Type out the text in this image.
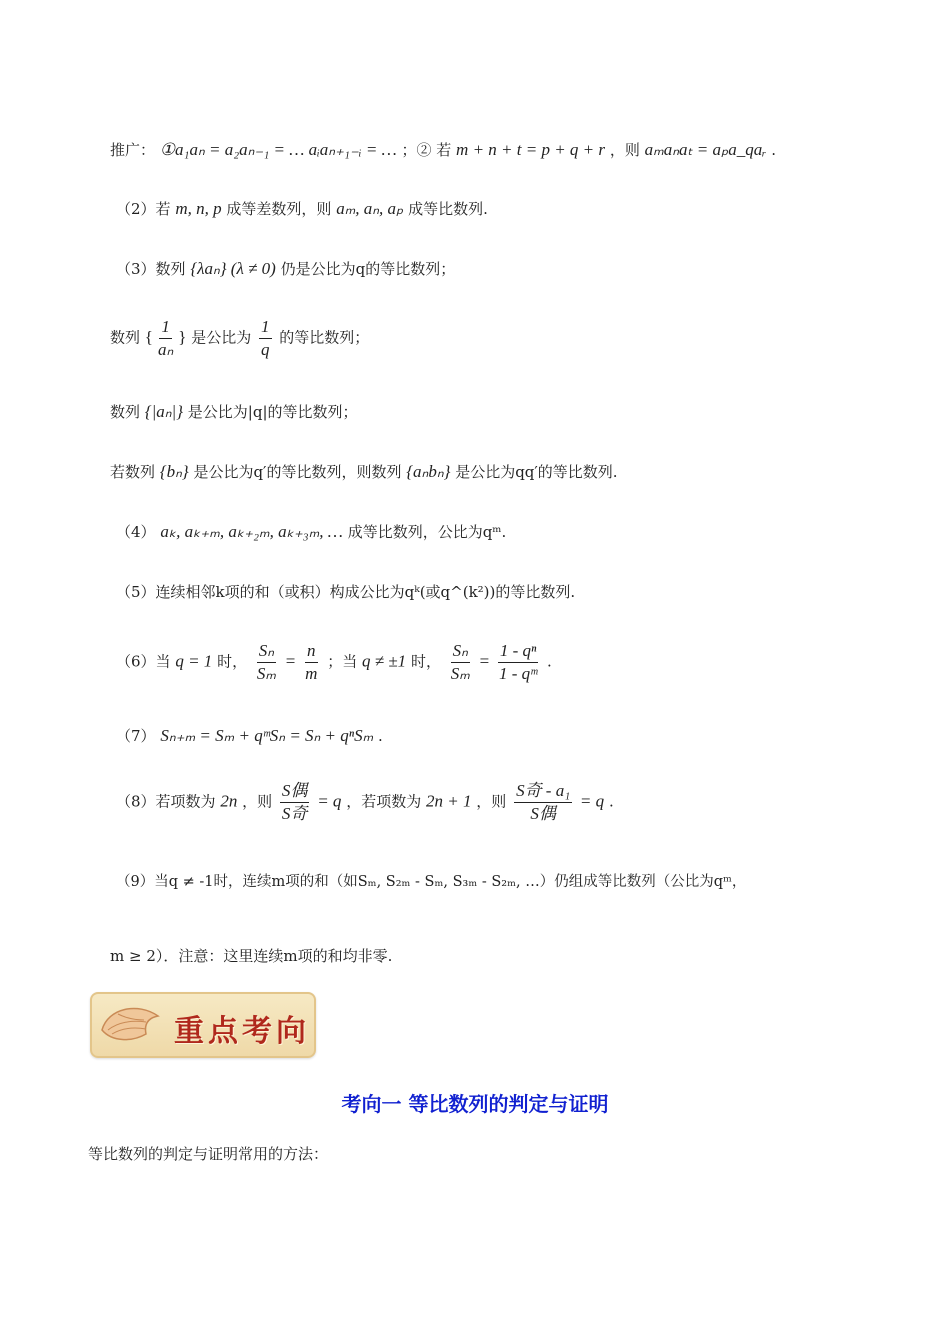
推广： ①a₁aₙ = a₂aₙ₋₁ = … aᵢaₙ₊₁₋ᵢ = … ；② 若 m + n + t = p + q + r ，则 aₘaₙaₜ = aₚa_qaᵣ .
（2）若 m, n, p 成等差数列，则 aₘ, aₙ, aₚ 成等比数列.
（3）数列 {λaₙ} (λ ≠ 0) 仍是公比为q的等比数列；
数列 { $\frac{1}{\text{aₙ}}$ } 是公比为 $\frac{1}{q}$ 的等比数列；
数列 {|aₙ|} 是公比为|q|的等比数列；
若数列 {bₙ} 是公比为q′的等比数列，则数列 {aₙbₙ} 是公比为qq′的等比数列.
（4） aₖ, aₖ₊ₘ, aₖ₊₂ₘ, aₖ₊₃ₘ, … 成等比数列，公比为qᵐ.
（5）连续相邻k项的和（或积）构成公比为qᵏ(或q^(k²))的等比数列.
（6）当 q = 1 时， $\frac{\text{Sₙ}}{\text{Sₘ}} = \frac{n}{m}$ ；当 q ≠ ±1 时， $\frac{\text{Sₙ}}{\text{Sₘ}} = \frac{\text{1 - qⁿ}}{\text{1 - qᵐ}}$ .
（7） Sₙ₊ₘ = Sₘ + qᵐSₙ = Sₙ + qⁿSₘ .
（8）若项数为 2n ，则 $\frac{\text{S偶}}{\text{S奇}} = q$ ，若项数为 2n + 1 ，则 $\frac{\text{S奇 - a₁}}{\text{S偶}} = q$ .
（9）当q ≠ -1时，连续m项的和（如Sₘ, S₂ₘ - Sₘ, S₃ₘ - S₂ₘ, …）仍组成等比数列（公比为qᵐ，
m ≥ 2）．注意：这里连续m项的和均非零.
重点考向
考向一 等比数列的判定与证明
等比数列的判定与证明常用的方法：
